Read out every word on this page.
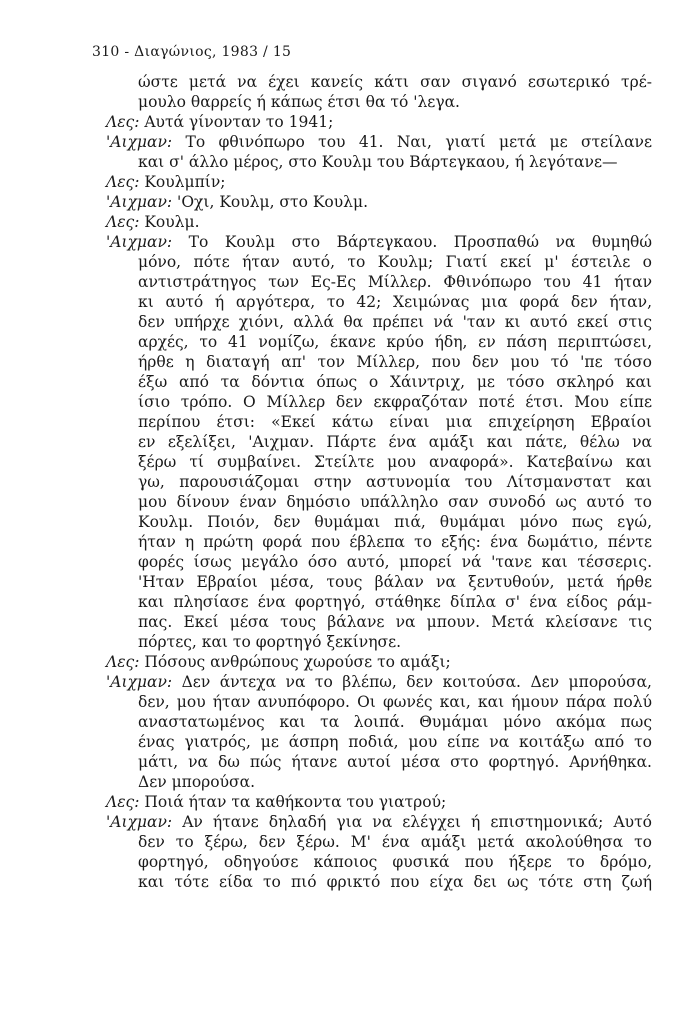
310 - Διαγώνιος, 1983 / 15
ώστε μετά να έχει κανείς κάτι σαν σιγανό εσωτερικό τρέ-
μουλο θαρρείς ή κάπως έτσι θα τό 'λεγα.
Λες: Αυτά γίνονταν το 1941;
'Αιχμαν: Το φθινόπωρο του 41. Ναι, γιατί μετά με στείλανε
και σ' άλλο μέρος, στο Κουλμ του Βάρτεγκαου, ή λεγότανε—
Λες: Κουλμπίν;
'Αιχμαν: 'Οχι, Κουλμ, στο Κουλμ.
Λες: Κουλμ.
'Αιχμαν: Το Κουλμ στο Βάρτεγκαου. Προσπαθώ να θυμηθώ
μόνο, πότε ήταν αυτό, το Κουλμ; Γιατί εκεί μ' έστειλε ο
αντιστράτηγος των Ες-Ες Μίλλερ. Φθινόπωρο του 41 ήταν
κι αυτό ή αργότερα, το 42; Χειμώνας μια φορά δεν ήταν,
δεν υπήρχε χιόνι, αλλά θα πρέπει νά 'ταν κι αυτό εκεί στις
αρχές, το 41 νομίζω, έκανε κρύο ήδη, εν πάση περιπτώσει,
ήρθε η διαταγή απ' τον Μίλλερ, που δεν μου τό 'πε τόσο
έξω από τα δόντια όπως ο Χάιντριχ, με τόσο σκληρό και
ίσιο τρόπο. Ο Μίλλερ δεν εκφραζόταν ποτέ έτσι. Μου είπε
περίπου έτσι: «Εκεί κάτω είναι μια επιχείρηση Εβραίοι
εν εξελίξει, 'Αιχμαν. Πάρτε ένα αμάξι και πάτε, θέλω να
ξέρω τί συμβαίνει. Στείλτε μου αναφορά». Κατεβαίνω και
γω, παρουσιάζομαι στην αστυνομία του Λίτσμανστατ και
μου δίνουν έναν δημόσιο υπάλληλο σαν συνοδό ως αυτό το
Κουλμ. Ποιόν, δεν θυμάμαι πιά, θυμάμαι μόνο πως εγώ,
ήταν η πρώτη φορά που έβλεπα το εξής: ένα δωμάτιο, πέντε
φορές ίσως μεγάλο όσο αυτό, μπορεί νά 'τανε και τέσσερις.
'Ηταν Εβραίοι μέσα, τους βάλαν να ξεντυθούν, μετά ήρθε
και πλησίασε ένα φορτηγό, στάθηκε δίπλα σ' ένα είδος ράμ-
πας. Εκεί μέσα τους βάλανε να μπουν. Μετά κλείσανε τις
πόρτες, και το φορτηγό ξεκίνησε.
Λες: Πόσους ανθρώπους χωρούσε το αμάξι;
'Αιχμαν: Δεν άντεχα να το βλέπω, δεν κοιτούσα. Δεν μπορούσα,
δεν, μου ήταν ανυπόφορο. Οι φωνές και, και ήμουν πάρα πολύ
αναστατωμένος και τα λοιπά. Θυμάμαι μόνο ακόμα πως
ένας γιατρός, με άσπρη ποδιά, μου είπε να κοιτάξω από το
μάτι, να δω πώς ήτανε αυτοί μέσα στο φορτηγό. Αρνήθηκα.
Δεν μπορούσα.
Λες: Ποιά ήταν τα καθήκοντα του γιατρού;
'Αιχμαν: Αν ήτανε δηλαδή για να ελέγχει ή επιστημονικά; Αυτό
δεν το ξέρω, δεν ξέρω. Μ' ένα αμάξι μετά ακολούθησα το
φορτηγό, οδηγούσε κάποιος φυσικά που ήξερε το δρόμο,
και τότε είδα το πιό φρικτό που είχα δει ως τότε στη ζωή
